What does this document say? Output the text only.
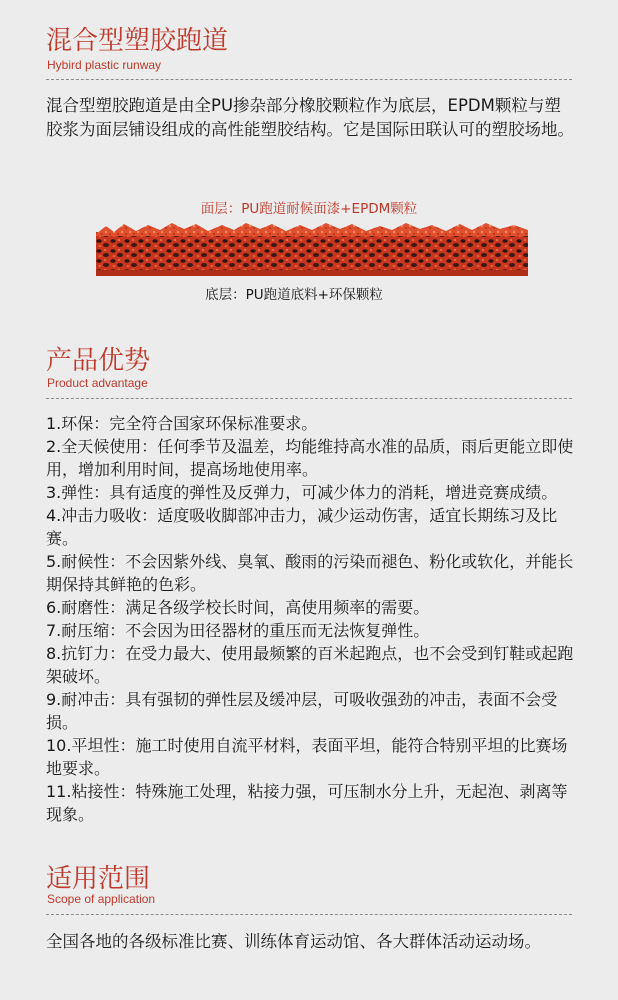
混合型塑胶跑道
Hybird plastic runway
混合型塑胶跑道是由全PU掺杂部分橡胶颗粒作为底层，EPDM颗粒与塑胶浆为面层铺设组成的高性能塑胶结构。它是国际田联认可的塑胶场地。
面层：PU跑道耐候面漆+EPDM颗粒
底层：PU跑道底料+环保颗粒
产品优势
Product advantage
1.环保：完全符合国家环保标准要求。
2.全天候使用：任何季节及温差，均能维持高水准的品质，雨后更能立即使用，增加利用时间，提高场地使用率。
3.弹性：具有适度的弹性及反弹力，可减少体力的消耗，增进竞赛成绩。
4.冲击力吸收：适度吸收脚部冲击力，减少运动伤害，适宜长期练习及比赛。
5.耐候性：不会因紫外线、臭氧、酸雨的污染而褪色、粉化或软化，并能长期保持其鲜艳的色彩。
6.耐磨性：满足各级学校长时间，高使用频率的需要。
7.耐压缩：不会因为田径器材的重压而无法恢复弹性。
8.抗钉力：在受力最大、使用最频繁的百米起跑点，也不会受到钉鞋或起跑架破坏。
9.耐冲击：具有强韧的弹性层及缓冲层，可吸收强劲的冲击，表面不会受损。
10.平坦性：施工时使用自流平材料，表面平坦，能符合特别平坦的比赛场地要求。
11.粘接性：特殊施工处理，粘接力强，可压制水分上升，无起泡、剥离等现象。
适用范围
Scope of application
全国各地的各级标准比赛、训练体育运动馆、各大群体活动运动场。
